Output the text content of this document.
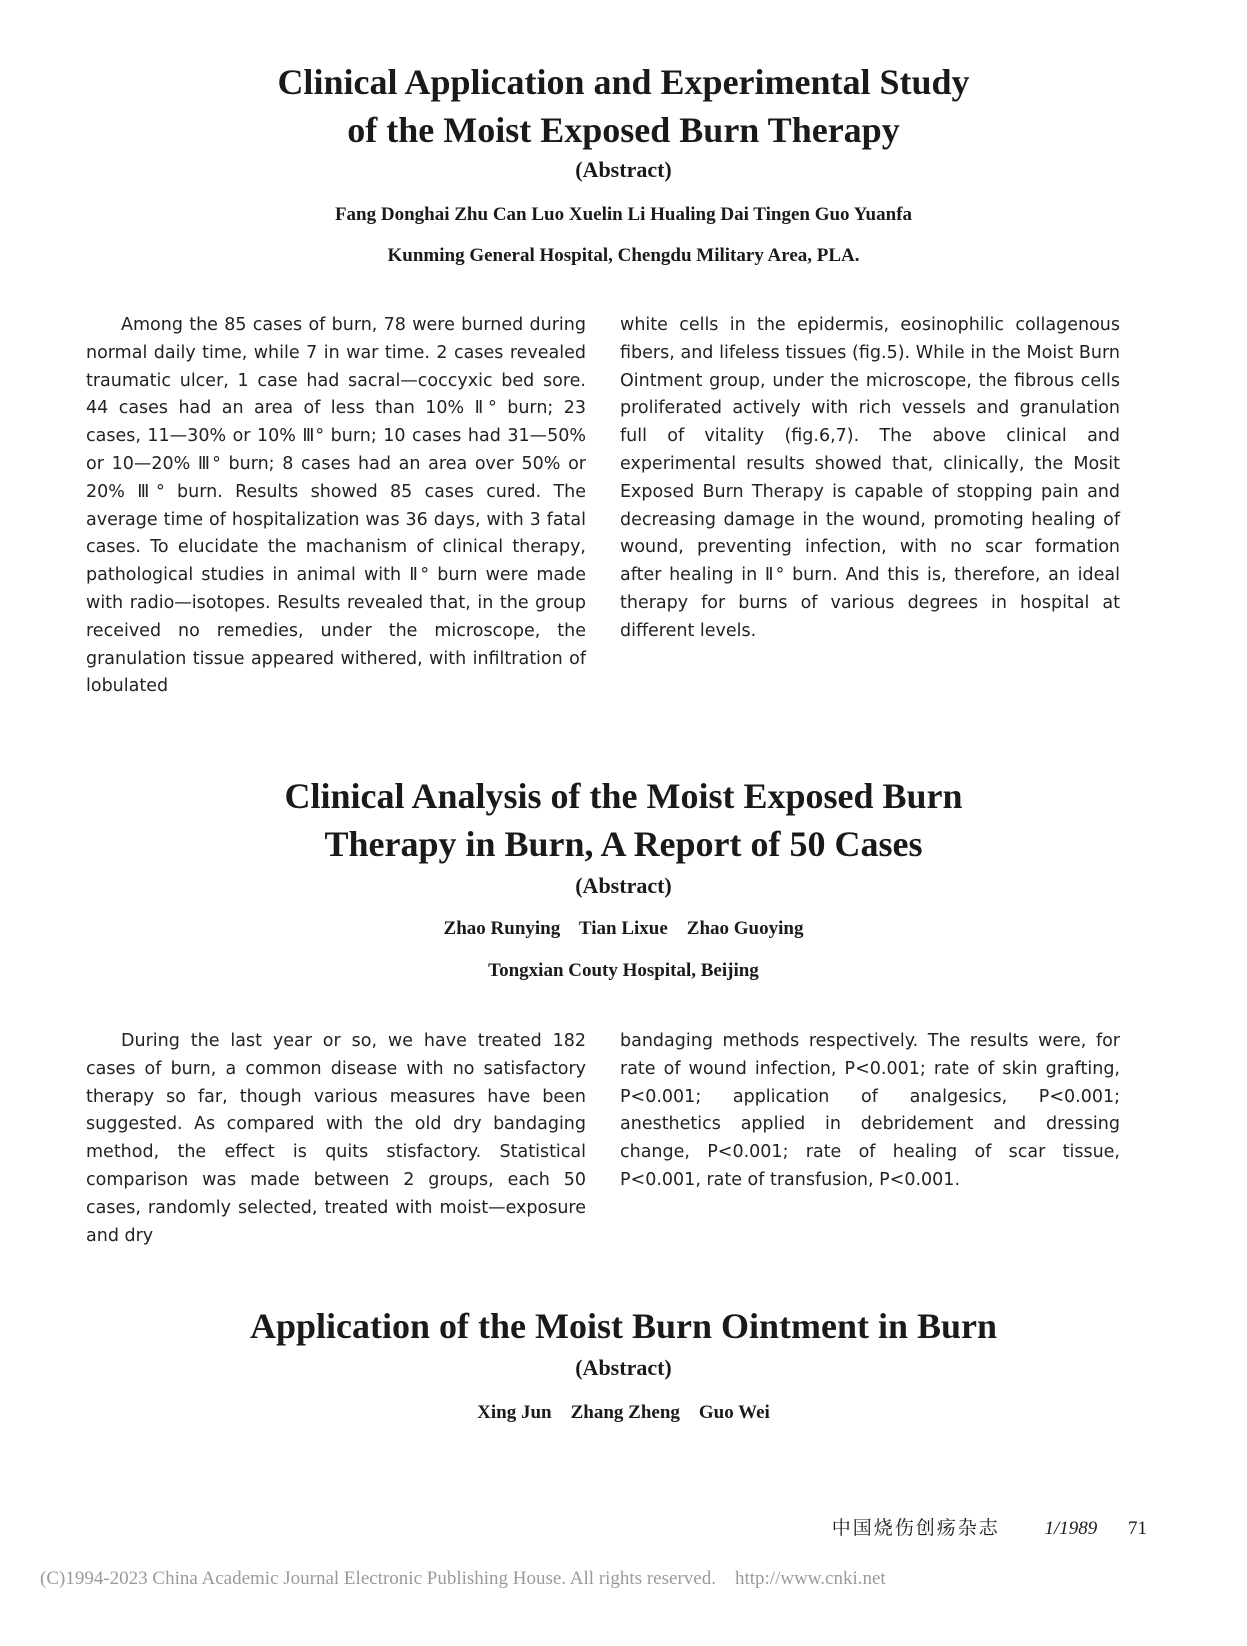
Clinical Application and Experimental Study
of the Moist Exposed Burn Therapy
(Abstract)
Fang Donghai Zhu Can Luo Xuelin Li Hualing Dai Tingen Guo Yuanfa
Kunming General Hospital, Chengdu Military Area, PLA.

Among the 85 cases of burn, 78 were burned during normal daily time, while 7 in war time. 2 cases revealed traumatic ulcer, 1 case had sacral—coccyxic bed sore. 44 cases had an area of less than 10% Ⅱ° burn; 23 cases, 11—30% or 10% Ⅲ° burn; 10 cases had 31—50% or 10—20% Ⅲ° burn; 8 cases had an area over 50% or 20% Ⅲ° burn. Results showed 85 cases cured. The average time of hospitalization was 36 days, with 3 fatal cases. To elucidate the machanism of clinical therapy, pathological studies in animal with Ⅱ° burn were made with radio—isotopes. Results revealed that, in the group received no remedies, under the microscope, the granulation tissue appeared withered, with infiltration of lobulated

white cells in the epidermis, eosinophilic collagenous fibers, and lifeless tissues (fig.5). While in the Moist Burn Ointment group, under the microscope, the fibrous cells proliferated actively with rich vessels and granulation full of vitality (fig.6,7). The above clinical and experimental results showed that, clinically, the Mosit Exposed Burn Therapy is capable of stopping pain and decreasing damage in the wound, promoting healing of wound, preventing infection, with no scar formation after healing in Ⅱ° burn. And this is, therefore, an ideal therapy for burns of various degrees in hospital at different levels.

Clinical Analysis of the Moist Exposed Burn
Therapy in Burn, A Report of 50 Cases
(Abstract)
Zhao Runying    Tian Lixue    Zhao Guoying
Tongxian Couty Hospital, Beijing

During the last year or so, we have treated 182 cases of burn, a common disease with no satisfactory therapy so far, though various measures have been suggested. As compared with the old dry bandaging method, the effect is quits stisfactory. Statistical comparison was made between 2 groups, each 50 cases, randomly selected, treated with moist—exposure and dry

bandaging methods respectively. The results were, for rate of wound infection, P<0.001; rate of skin grafting, P<0.001; application of analgesics, P<0.001; anesthetics applied in debridement and dressing change, P<0.001; rate of healing of scar tissue, P<0.001, rate of transfusion, P<0.001.

Application of the Moist Burn Ointment in Burn
(Abstract)
Xing Jun    Zhang Zheng    Guo Wei
中国烧伤创疡杂志 1/1989 71
(C)1994-2023 China Academic Journal Electronic Publishing House. All rights reserved.    http://www.cnki.net
